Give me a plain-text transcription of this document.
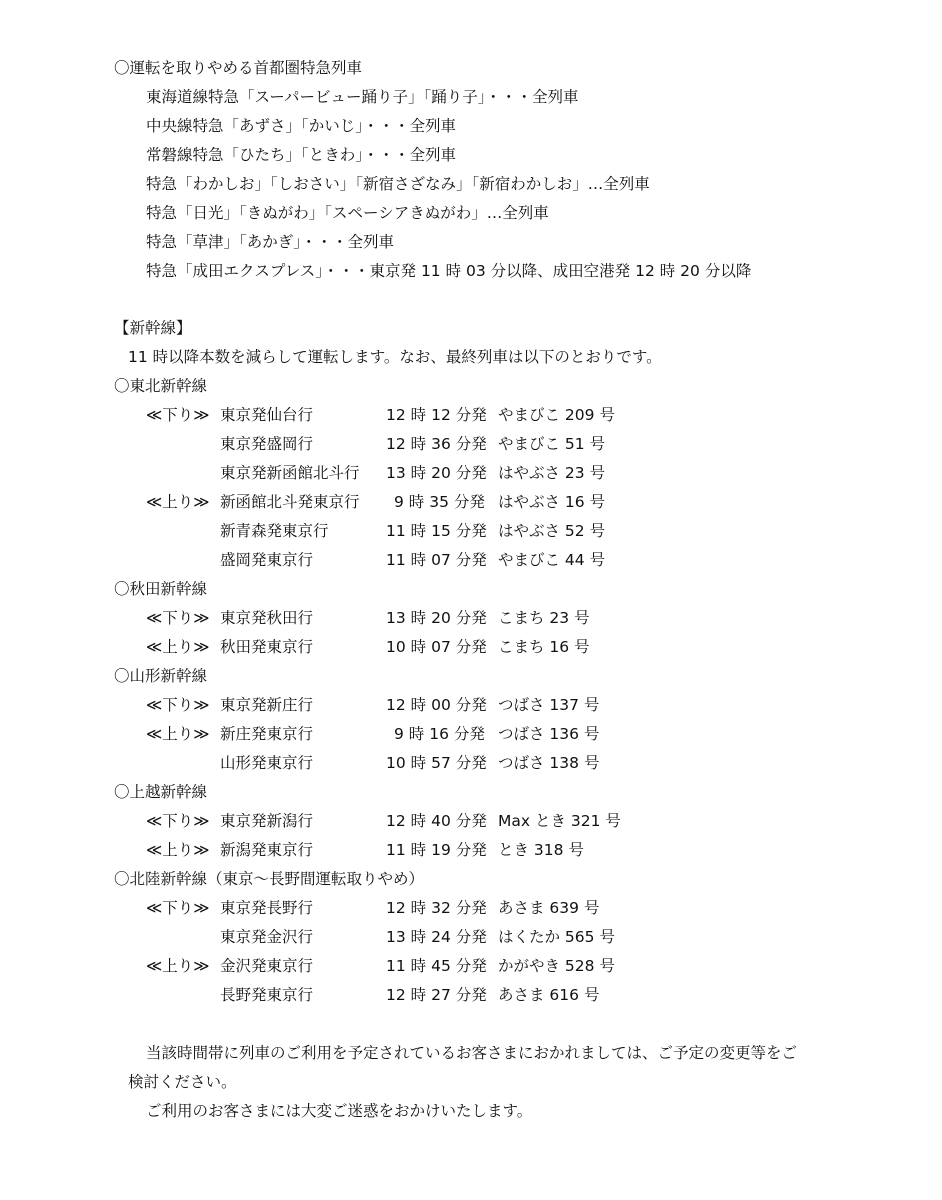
〇運転を取りやめる首都圏特急列車
東海道線特急「スーパービュー踊り子」「踊り子」・・・全列車
中央線特急「あずさ」「かいじ」・・・全列車
常磐線特急「ひたち」「ときわ」・・・全列車
特急「わかしお」「しおさい」「新宿さざなみ」「新宿わかしお」…全列車
特急「日光」「きぬがわ」「スペーシアきぬがわ」…全列車
特急「草津」「あかぎ」・・・全列車
特急「成田エクスプレス」・・・東京発 11 時 03 分以降、成田空港発 12 時 20 分以降
【新幹線】
11 時以降本数を減らして運転します。なお、最終列車は以下のとおりです。
〇東北新幹線
≪下り≫ 東京発仙台行	12 時 12 分発 やまびこ 209 号
東京発盛岡行	12 時 36 分発 やまびこ 51 号
東京発新函館北斗行 13 時 20 分発 はやぶさ 23 号
≪上り≫ 新函館北斗発東京行 9 時 35 分発 はやぶさ 16 号
新青森発東京行	11 時 15 分発 はやぶさ 52 号
盛岡発東京行	11 時 07 分発 やまびこ 44 号
〇秋田新幹線
≪下り≫ 東京発秋田行	13 時 20 分発 こまち 23 号
≪上り≫ 秋田発東京行	10 時 07 分発 こまち 16 号
〇山形新幹線
≪下り≫ 東京発新庄行	12 時 00 分発 つばさ 137 号
≪上り≫ 新庄発東京行	9 時 16 分発 つばさ 136 号
山形発東京行	10 時 57 分発 つばさ 138 号
〇上越新幹線
≪下り≫ 東京発新潟行	12 時 40 分発 Max とき 321 号
≪上り≫ 新潟発東京行	11 時 19 分発 とき 318 号
〇北陸新幹線（東京～長野間運転取りやめ）
≪下り≫ 東京発長野行	12 時 32 分発 あさま 639 号
東京発金沢行	13 時 24 分発 はくたか 565 号
≪上り≫ 金沢発東京行	11 時 45 分発 かがやき 528 号
長野発東京行	12 時 27 分発 あさま 616 号
当該時間帯に列車のご利用を予定されているお客さまにおかれましては、ご予定の変更等をご
検討ください。
ご利用のお客さまには大変ご迷惑をおかけいたします。
